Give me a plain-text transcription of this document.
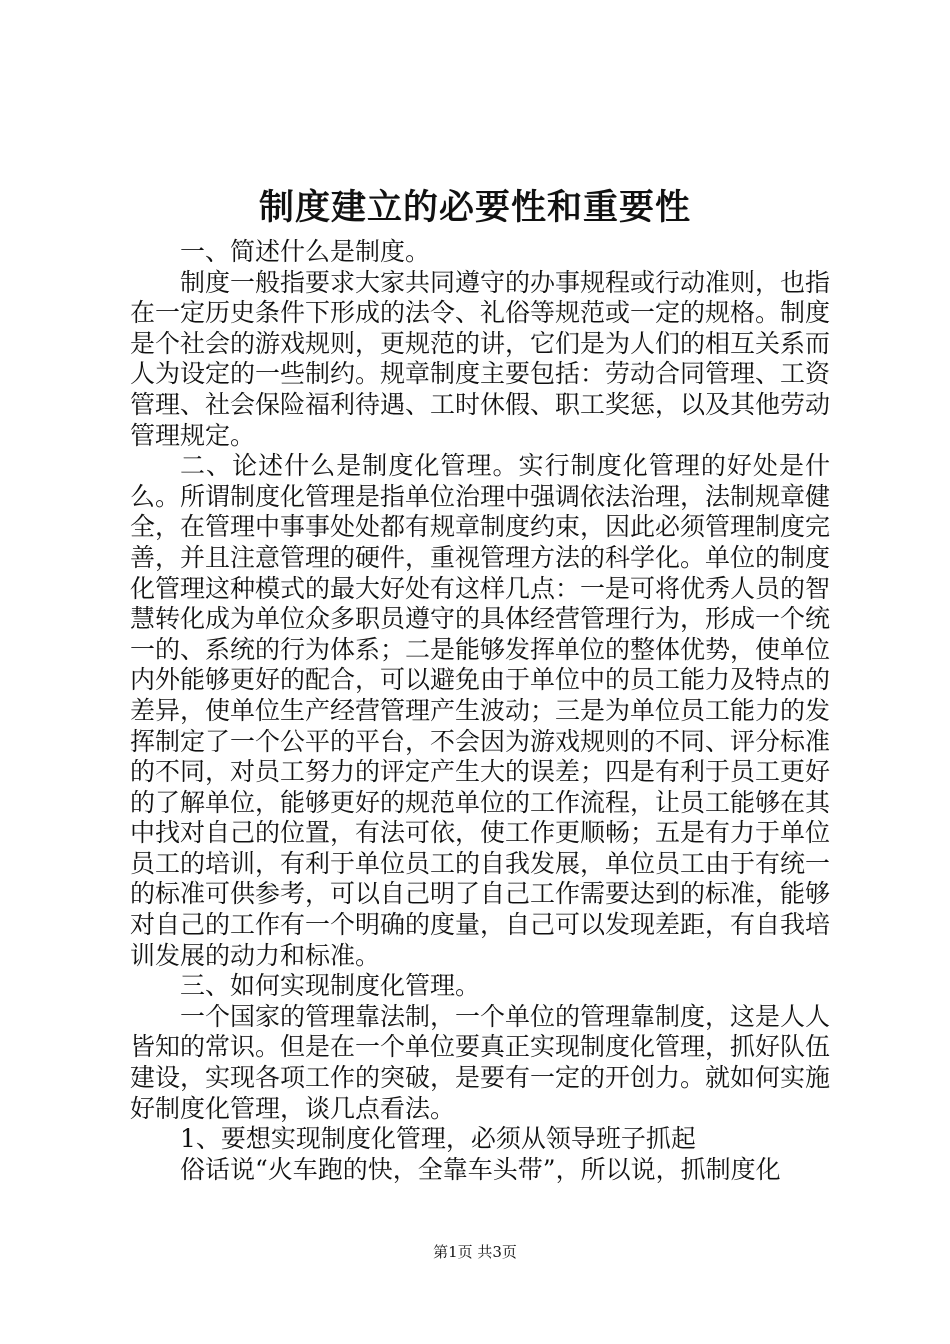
制度建立的必要性和重要性

一、简述什么是制度。

制度一般指要求大家共同遵守的办事规程或行动准则，也指在一定历史条件下形成的法令、礼俗等规范或一定的规格。制度是个社会的游戏规则，更规范的讲，它们是为人们的相互关系而人为设定的一些制约。规章制度主要包括：劳动合同管理、工资管理、社会保险福利待遇、工时休假、职工奖惩，以及其他劳动管理规定。

二、论述什么是制度化管理。实行制度化管理的好处是什么。所谓制度化管理是指单位治理中强调依法治理，法制规章健全，在管理中事事处处都有规章制度约束，因此必须管理制度完善，并且注意管理的硬件，重视管理方法的科学化。单位的制度化管理这种模式的最大好处有这样几点：一是可将优秀人员的智慧转化成为单位众多职员遵守的具体经营管理行为，形成一个统一的、系统的行为体系；二是能够发挥单位的整体优势，使单位内外能够更好的配合，可以避免由于单位中的员工能力及特点的差异，使单位生产经营管理产生波动；三是为单位员工能力的发挥制定了一个公平的平台，不会因为游戏规则的不同、评分标准的不同，对员工努力的评定产生大的误差；四是有利于员工更好的了解单位，能够更好的规范单位的工作流程，让员工能够在其中找对自己的位置，有法可依，使工作更顺畅；五是有力于单位员工的培训，有利于单位员工的自我发展，单位员工由于有统一的标准可供参考，可以自己明了自己工作需要达到的标准，能够对自己的工作有一个明确的度量，自己可以发现差距，有自我培训发展的动力和标准。

三、如何实现制度化管理。

一个国家的管理靠法制，一个单位的管理靠制度，这是人人皆知的常识。但是在一个单位要真正实现制度化管理，抓好队伍建设，实现各项工作的突破，是要有一定的开创力。就如何实施好制度化管理，谈几点看法。

1、要想实现制度化管理，必须从领导班子抓起

俗话说“火车跑的快，全靠车头带”，所以说，抓制度化

第1页 共3页
